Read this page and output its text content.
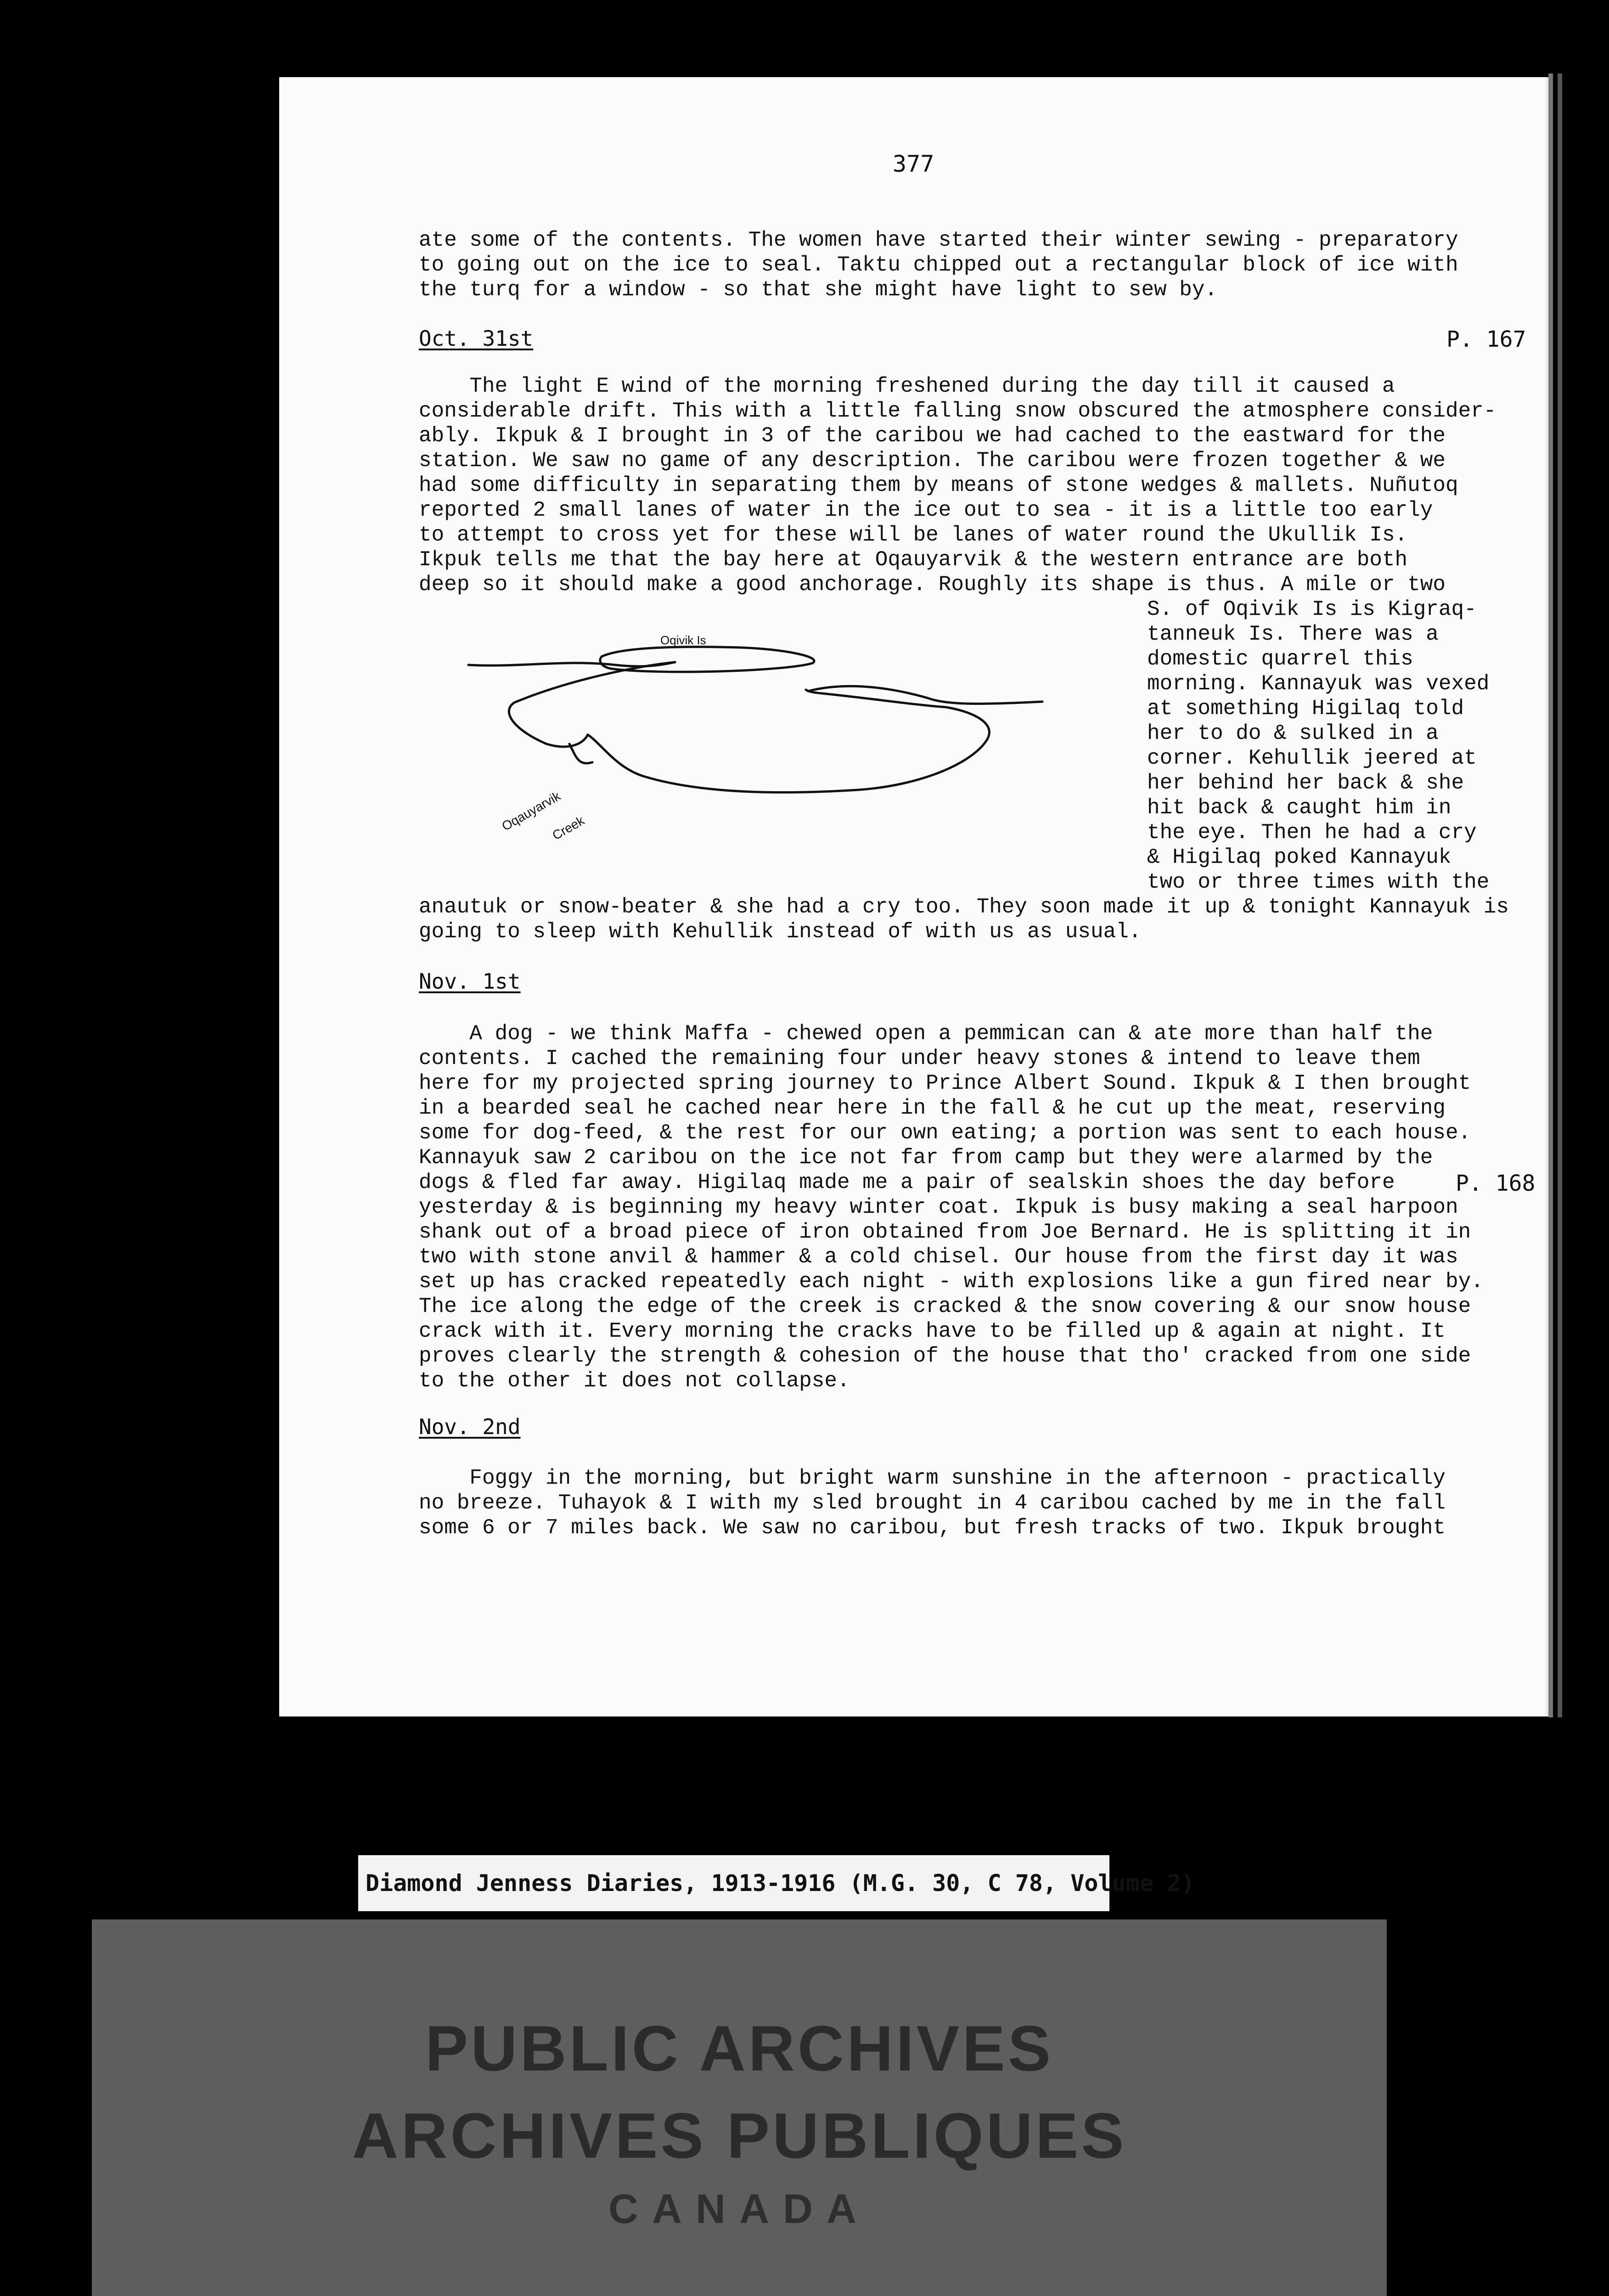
377
ate some of the contents. The women have started their winter sewing - preparatory
to going out on the ice to seal. Taktu chipped out a rectangular block of ice with
the turq for a window - so that she might have light to sew by.
Oct. 31st	P. 167
The light E wind of the morning freshened during the day till it caused a
considerable drift. This with a little falling snow obscured the atmosphere consider-
ably. Ikpuk & I brought in 3 of the caribou we had cached to the eastward for the
station. We saw no game of any description. The caribou were frozen together & we
had some difficulty in separating them by means of stone wedges & mallets. Nuñutoq
reported 2 small lanes of water in the ice out to sea - it is a little too early
to attempt to cross yet for these will be lanes of water round the Ukullik Is.
Ikpuk tells me that the bay here at Oqauyarvik & the western entrance are both
deep so it should make a good anchorage. Roughly its shape is thus. A mile or two
Oqivik Is
Oqauyarvik
Creek
S. of Oqivik Is is Kigraq-
tanneuk Is. There was a
domestic quarrel this
morning. Kannayuk was vexed
at something Higilaq told
her to do & sulked in a
corner. Kehullik jeered at
her behind her back & she
hit back & caught him in
the eye. Then he had a cry
& Higilaq poked Kannayuk
two or three times with the
anautuk or snow-beater & she had a cry too. They soon made it up & tonight Kannayuk is
going to sleep with Kehullik instead of with us as usual.
Nov. 1st
A dog - we think Maffa - chewed open a pemmican can & ate more than half the
contents. I cached the remaining four under heavy stones & intend to leave them
here for my projected spring journey to Prince Albert Sound. Ikpuk & I then brought
in a bearded seal he cached near here in the fall & he cut up the meat, reserving
some for dog-feed, & the rest for our own eating; a portion was sent to each house.
Kannayuk saw 2 caribou on the ice not far from camp but they were alarmed by the
dogs & fled far away. Higilaq made me a pair of sealskin shoes the day before	P. 168
yesterday & is beginning my heavy winter coat. Ikpuk is busy making a seal harpoon
shank out of a broad piece of iron obtained from Joe Bernard. He is splitting it in
two with stone anvil & hammer & a cold chisel. Our house from the first day it was
set up has cracked repeatedly each night - with explosions like a gun fired near by.
The ice along the edge of the creek is cracked & the snow covering & our snow house
crack with it. Every morning the cracks have to be filled up & again at night. It
proves clearly the strength & cohesion of the house that tho' cracked from one side
to the other it does not collapse.
Nov. 2nd
Foggy in the morning, but bright warm sunshine in the afternoon - practically
no breeze. Tuhayok & I with my sled brought in 4 caribou cached by me in the fall
some 6 or 7 miles back. We saw no caribou, but fresh tracks of two. Ikpuk brought
Diamond Jenness Diaries, 1913-1916 (M.G. 30, C 78, Volume 2)
PUBLIC ARCHIVES
ARCHIVES PUBLIQUES
CANADA
